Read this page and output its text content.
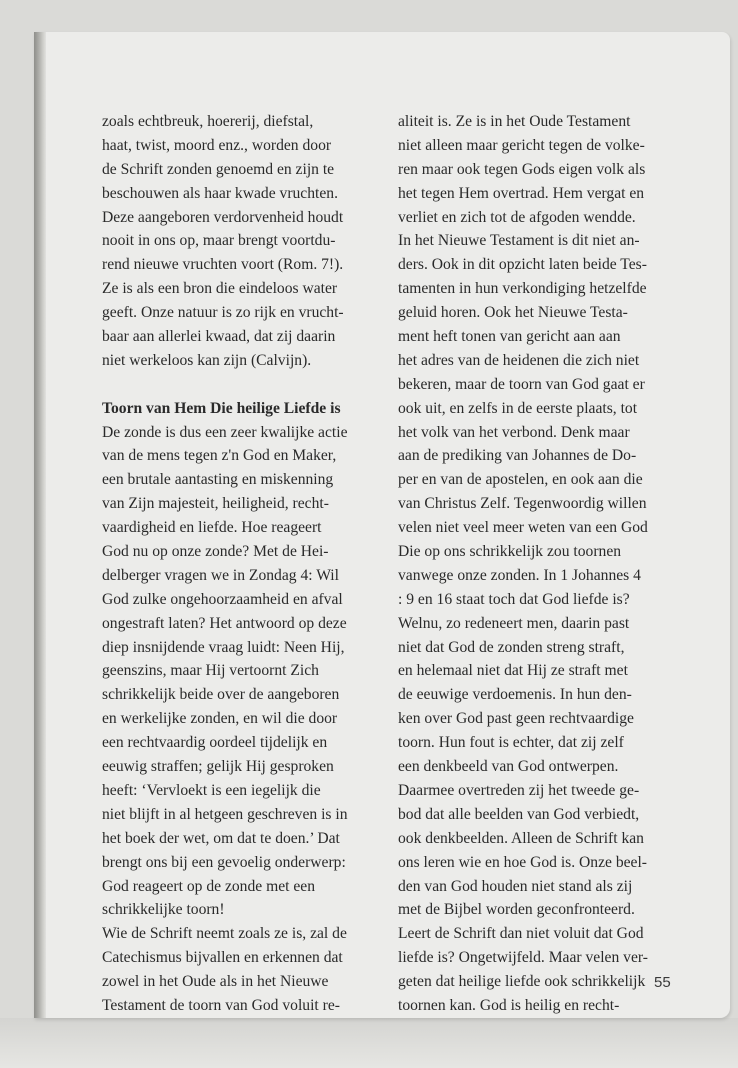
zoals echtbreuk, hoererij, diefstal,
haat, twist, moord enz., worden door
de Schrift zonden genoemd en zijn te
beschouwen als haar kwade vruchten.
Deze aangeboren verdorvenheid houdt
nooit in ons op, maar brengt voortdu-
rend nieuwe vruchten voort (Rom. 7!).
Ze is als een bron die eindeloos water
geeft. Onze natuur is zo rijk en vrucht-
baar aan allerlei kwaad, dat zij daarin
niet werkeloos kan zijn (Calvijn).
Toorn van Hem Die heilige Liefde is
De zonde is dus een zeer kwalijke actie
van de mens tegen z'n God en Maker,
een brutale aantasting en miskenning
van Zijn majesteit, heiligheid, recht-
vaardigheid en liefde. Hoe reageert
God nu op onze zonde? Met de Hei-
delberger vragen we in Zondag 4: Wil
God zulke ongehoorzaamheid en afval
ongestraft laten? Het antwoord op deze
diep insnijdende vraag luidt: Neen Hij,
geenszins, maar Hij vertoornt Zich
schrikkelijk beide over de aangeboren
en werkelijke zonden, en wil die door
een rechtvaardig oordeel tijdelijk en
eeuwig straffen; gelijk Hij gesproken
heeft: ‘Vervloekt is een iegelijk die
niet blijft in al hetgeen geschreven is in
het boek der wet, om dat te doen.’ Dat
brengt ons bij een gevoelig onderwerp:
God reageert op de zonde met een
schrikkelijke toorn!
Wie de Schrift neemt zoals ze is, zal de
Catechismus bijvallen en erkennen dat
zowel in het Oude als in het Nieuwe
Testament de toorn van God voluit re-
aliteit is. Ze is in het Oude Testament
niet alleen maar gericht tegen de volke-
ren maar ook tegen Gods eigen volk als
het tegen Hem overtrad. Hem vergat en
verliet en zich tot de afgoden wendde.
In het Nieuwe Testament is dit niet an-
ders. Ook in dit opzicht laten beide Tes-
tamenten in hun verkondiging hetzelfde
geluid horen. Ook het Nieuwe Testa-
ment heft tonen van gericht aan aan
het adres van de heidenen die zich niet
bekeren, maar de toorn van God gaat er
ook uit, en zelfs in de eerste plaats, tot
het volk van het verbond. Denk maar
aan de prediking van Johannes de Do-
per en van de apostelen, en ook aan die
van Christus Zelf. Tegenwoordig willen
velen niet veel meer weten van een God
Die op ons schrikkelijk zou toornen
vanwege onze zonden. In 1 Johannes 4
: 9 en 16 staat toch dat God liefde is?
Welnu, zo redeneert men, daarin past
niet dat God de zonden streng straft,
en helemaal niet dat Hij ze straft met
de eeuwige verdoemenis. In hun den-
ken over God past geen rechtvaardige
toorn. Hun fout is echter, dat zij zelf
een denkbeeld van God ontwerpen.
Daarmee overtreden zij het tweede ge-
bod dat alle beelden van God verbiedt,
ook denkbeelden. Alleen de Schrift kan
ons leren wie en hoe God is. Onze beel-
den van God houden niet stand als zij
met de Bijbel worden geconfronteerd.
Leert de Schrift dan niet voluit dat God
liefde is? Ongetwijfeld. Maar velen ver-
geten dat heilige liefde ook schrikkelijk
toornen kan. God is heilig en recht-
55
